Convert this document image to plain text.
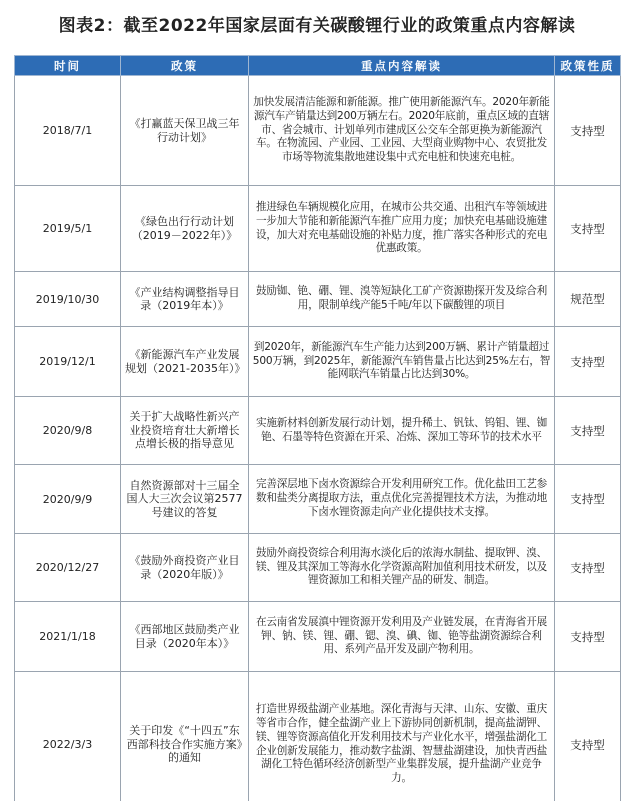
图表2：截至2022年国家层面有关碳酸锂行业的政策重点内容解读
时间	政策	重点内容解读	政策性质
2018/7/1	《打赢蓝天保卫战三年行动计划》	加快发展清洁能源和新能源。推广使用新能源汽车。2020年新能源汽车产销量达到200万辆左右。2020年底前，重点区域的直辖市、省会城市、计划单列市建成区公交车全部更换为新能源汽车。在物流园、产业园、工业园、大型商业购物中心、农贸批发市场等物流集散地建设集中式充电桩和快速充电桩。	支持型
2019/5/1	《绿色出行行动计划（2019－2022年）》	推进绿色车辆规模化应用，在城市公共交通、出租汽车等领域进一步加大节能和新能源汽车推广应用力度；加快充电基础设施建设，加大对充电基础设施的补贴力度，推广落实各种形式的充电优惠政策。	支持型
2019/10/30	《产业结构调整指导目录（2019年本）》	鼓励铷、铯、硼、锂、溴等短缺化工矿产资源勘探开发及综合利用，限制单线产能5千吨/年以下碳酸锂的项目	规范型
2019/12/1	《新能源汽车产业发展规划（2021-2035年）》	到2020年，新能源汽车生产能力达到200万辆、累计产销量超过500万辆，到2025年，新能源汽车销售量占比达到25%左右，智能网联汽车销量占比达到30%。	支持型
2020/9/8	关于扩大战略性新兴产业投资培育壮大新增长点增长极的指导意见	实施新材料创新发展行动计划，提升稀土、钒钛、钨钼、锂、铷铯、石墨等特色资源在开采、冶炼、深加工等环节的技术水平	支持型
2020/9/9	自然资源部对十三届全国人大三次会议第2577号建议的答复	完善深层地下卤水资源综合开发利用研究工作。优化盐田工艺参数和盐类分离提取方法，重点优化完善提锂技术方法，为推动地下卤水锂资源走向产业化提供技术支撑。	支持型
2020/12/27	《鼓励外商投资产业目录（2020年版）》	鼓励外商投资综合利用海水淡化后的浓海水制盐、提取钾、溴、镁、锂及其深加工等海水化学资源高附加值利用技术研发，以及锂资源加工和相关锂产品的研发、制造。	支持型
2021/1/18	《西部地区鼓励类产业目录（2020年本）》	在云南省发展滇中锂资源开发利用及产业链发展，在青海省开展钾、钠、镁、锂、硼、锶、溴、碘、铷、铯等盐湖资源综合利用、系列产品开发及副产物利用。	支持型
2022/3/3	关于印发《“十四五”东西部科技合作实施方案》的通知	打造世界级盐湖产业基地。深化青海与天津、山东、安徽、重庆等省市合作，健全盐湖产业上下游协同创新机制，提高盐湖钾、镁、锂等资源高值化开发利用技术与产业化水平，增强盐湖化工企业创新发展能力，推动数字盐湖、智慧盐湖建设，加快青西盐湖化工特色循环经济创新型产业集群发展，提升盐湖产业竞争力。	支持型
